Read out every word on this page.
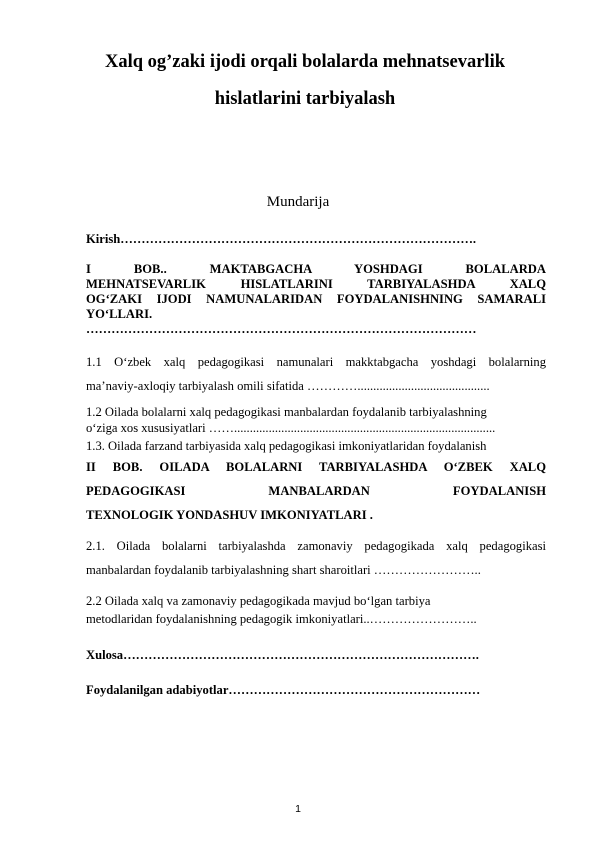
Xalq og’zaki ijodi orqali bolalarda mehnatsevarlik
hislatlarini tarbiyalash
Mundarija
Kirish………………………………………………………………………….
I BOB.. MAKTABGACHA YOSHDAGI BOLALARDA
MEHNATSEVARLIK HISLATLARINI TARBIYALASHDA XALQ
OG‘ZAKI IJODI NAMUNALARIDAN FOYDALANISHNING SAMARALI
YO‘LLARI.
…………………………………………………………………………………
1.1 O‘zbek xalq pedagogikasi namunalari makktabgacha yoshdagi bolalarning
ma’naviy-axloqiy tarbiyalash omili sifatida …………..........................................
1.2 Oilada bolalarni xalq pedagogikasi manbalardan foydalanib tarbiyalashning
o‘ziga xos xususiyatlari ……...................................................................................
1.3. Oilada farzand tarbiyasida xalq pedagogikasi imkoniyatlaridan foydalanish
II BOB. OILADA BOLALARNI TARBIYALASHDA O‘ZBEK XALQ
PEDAGOGIKASI MANBALARDAN FOYDALANISH
TEXNOLOGIK YONDASHUV IMKONIYATLARI .
2.1. Oilada bolalarni tarbiyalashda zamonaviy pedagogikada xalq pedagogikasi
manbalardan foydalanib tarbiyalashning shart sharoitlari ……………………..
2.2 Oilada xalq va zamonaviy pedagogikada mavjud bo‘lgan tarbiya
metodlaridan foydalanishning pedagogik imkoniyatlari..……………………..
Xulosa………………………………………………………………………….
Foydalanilgan adabiyotlar……………………………………………………
1
